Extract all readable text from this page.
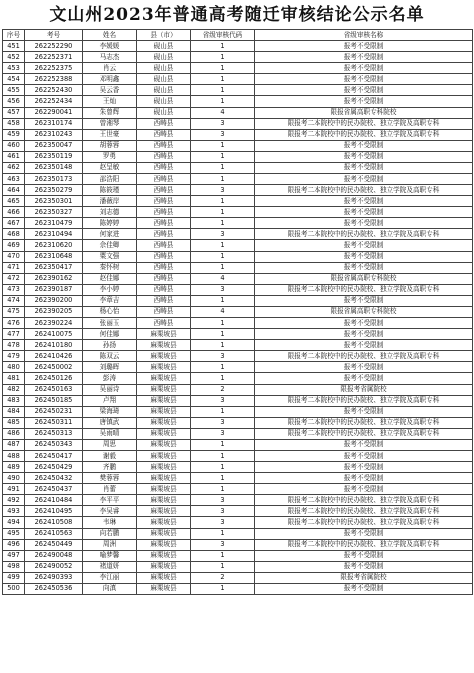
文山州2023年普通高考随迁审核结论公示名单
序号	考号	姓名	县（市）	省级审核代码	省级审核名称
451	262252290	李媛媛	砚山县	1	报考不受限制
452	262252371	马志杰	砚山县	1	报考不受限制
453	262252375	肖云	砚山县	1	报考不受限制
454	262252388	邓明鑫	砚山县	1	报考不受限制
455	262252430	吴云香	砚山县	1	报考不受限制
456	262252434	王灿	砚山县	1	报考不受限制
457	262290041	朱曾辉	砚山县	4	限报省属高职专科院校
458	262310174	曾湘琴	西畴县	3	限报考二本院校中的民办院校、独立学院及高职专科
459	262310243	王世豪	西畴县	3	限报考二本院校中的民办院校、独立学院及高职专科
460	262350047	胡蓉蓉	西畴县	1	报考不受限制
461	262350119	罗勇	西畴县	1	报考不受限制
462	262350148	赵呈敏	西畴县	1	报考不受限制
463	262350173	邵浩阳	西畴县	1	报考不受限制
464	262350279	陈筱瑾	西畴县	3	限报考二本院校中的民办院校、独立学院及高职专科
465	262350301	潘薇岸	西畴县	1	报考不受限制
466	262350327	刘志德	西畴县	1	报考不受限制
467	262310479	陈婷婷	西畴县	1	报考不受限制
468	262310494	何家进	西畴县	3	限报考二本院校中的民办院校、独立学院及高职专科
469	262310620	佘佳卿	西畴县	1	报考不受限制
470	262310648	粟文强	西畴县	1	报考不受限制
471	262350417	秦怀树	西畴县	1	报考不受限制
472	262390162	赵佳娜	西畴县	4	限报省属高职专科院校
473	262390187	李小婷	西畴县	3	限报考二本院校中的民办院校、独立学院及高职专科
474	262390200	李章吉	西畴县	1	报考不受限制
475	262390205	杨心怡	西畴县	4	限报省属高职专科院校
476	262390224	张丽玉	西畴县	1	报考不受限制
477	262410075	何佳娜	麻栗坡县	1	报考不受限制
478	262410180	孙扬	麻栗坡县	1	报考不受限制
479	262410426	陈双云	麻栗坡县	3	限报考二本院校中的民办院校、独立学院及高职专科
480	262450002	刘璐晖	麻栗坡县	1	报考不受限制
481	262450126	彭涛	麻栗坡县	1	报考不受限制
482	262450163	吴丽诗	麻栗坡县	2	限报考省属院校
483	262450185	卢翔	麻栗坡县	3	限报考二本院校中的民办院校、独立学院及高职专科
484	262450231	梁海琦	麻栗坡县	1	报考不受限制
485	262450311	唐镇武	麻栗坡县	3	限报考二本院校中的民办院校、独立学院及高职专科
486	262450313	吴雨晴	麻栗坡县	3	限报考二本院校中的民办院校、独立学院及高职专科
487	262450343	周思	麻栗坡县	1	报考不受限制
488	262450417	谢毅	麻栗坡县	1	报考不受限制
489	262450429	齐鹏	麻栗坡县	1	报考不受限制
490	262450432	樊蓉蓉	麻栗坡县	1	报考不受限制
491	262450437	肖蕾	麻栗坡县	1	报考不受限制
492	262410484	李平平	麻栗坡县	3	限报考二本院校中的民办院校、独立学院及高职专科
493	262410495	李吴睿	麻栗坡县	3	限报考二本院校中的民办院校、独立学院及高职专科
494	262410508	韦琳	麻栗坡县	3	限报考二本院校中的民办院校、独立学院及高职专科
495	262410563	向若鹏	麻栗坡县	1	报考不受限制
496	262450449	周洲	麻栗坡县	3	限报考二本院校中的民办院校、独立学院及高职专科
497	262490048	喻梦馨	麻栗坡县	1	报考不受限制
498	262490052	褚道妍	麻栗坡县	1	报考不受限制
499	262490393	李江丽	麻栗坡县	2	限报考省属院校
500	262450536	向滇	麻栗坡县	1	报考不受限制
